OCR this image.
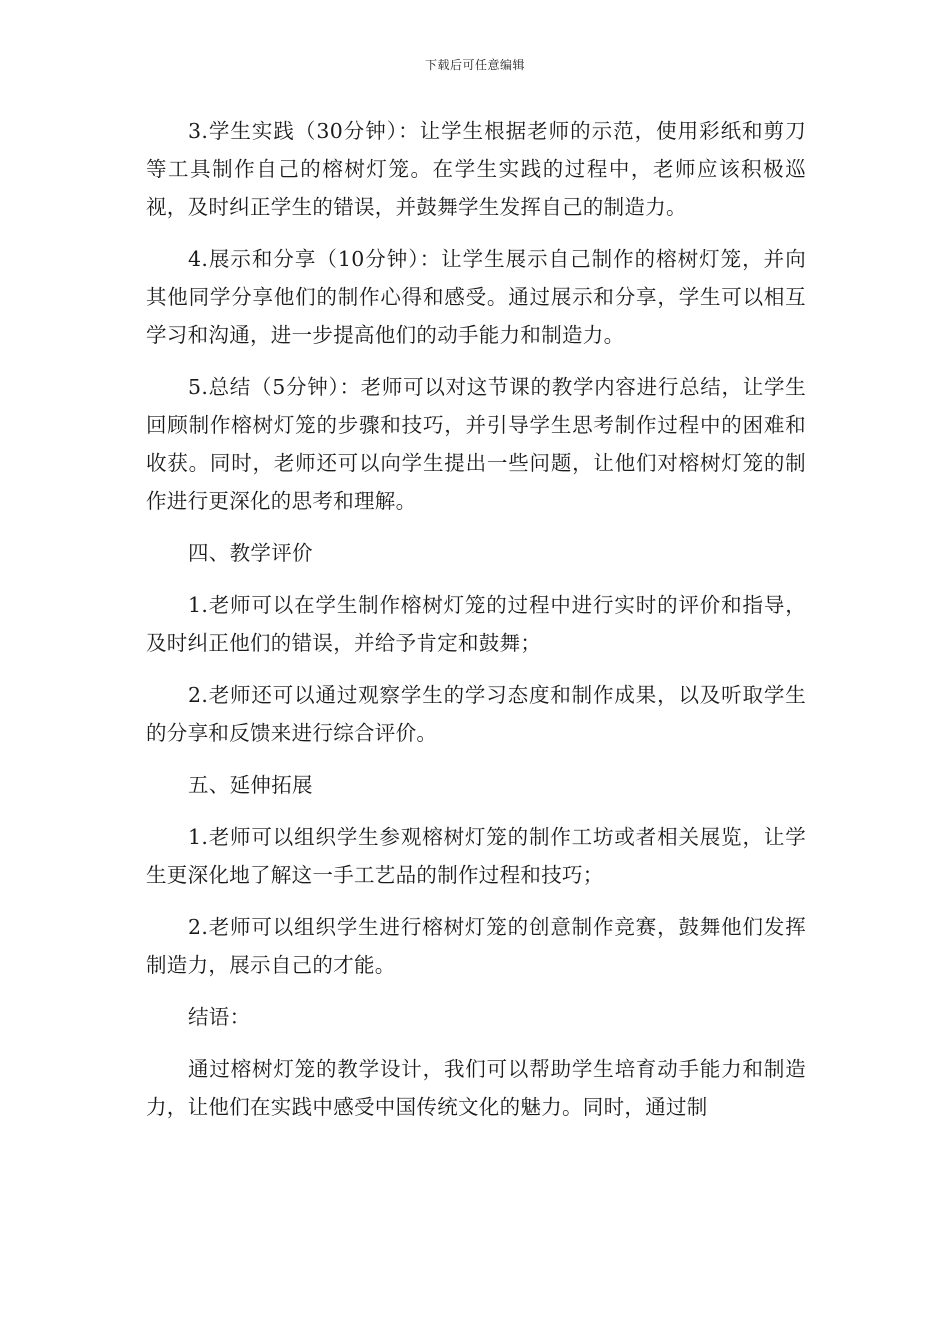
下载后可任意编辑

3.学生实践（30分钟）：让学生根据老师的示范，使用彩纸和剪刀等工具制作自己的榕树灯笼。在学生实践的过程中，老师应该积极巡视，及时纠正学生的错误，并鼓舞学生发挥自己的制造力。

4.展示和分享（10分钟）：让学生展示自己制作的榕树灯笼，并向其他同学分享他们的制作心得和感受。通过展示和分享，学生可以相互学习和沟通，进一步提高他们的动手能力和制造力。

5.总结（5分钟）：老师可以对这节课的教学内容进行总结，让学生回顾制作榕树灯笼的步骤和技巧，并引导学生思考制作过程中的困难和收获。同时，老师还可以向学生提出一些问题，让他们对榕树灯笼的制作进行更深化的思考和理解。

四、教学评价

1.老师可以在学生制作榕树灯笼的过程中进行实时的评价和指导，及时纠正他们的错误，并给予肯定和鼓舞；

2.老师还可以通过观察学生的学习态度和制作成果，以及听取学生的分享和反馈来进行综合评价。

五、延伸拓展

1.老师可以组织学生参观榕树灯笼的制作工坊或者相关展览，让学生更深化地了解这一手工艺品的制作过程和技巧；

2.老师可以组织学生进行榕树灯笼的创意制作竞赛，鼓舞他们发挥制造力，展示自己的才能。

结语：

通过榕树灯笼的教学设计，我们可以帮助学生培育动手能力和制造力，让他们在实践中感受中国传统文化的魅力。同时，通过制
